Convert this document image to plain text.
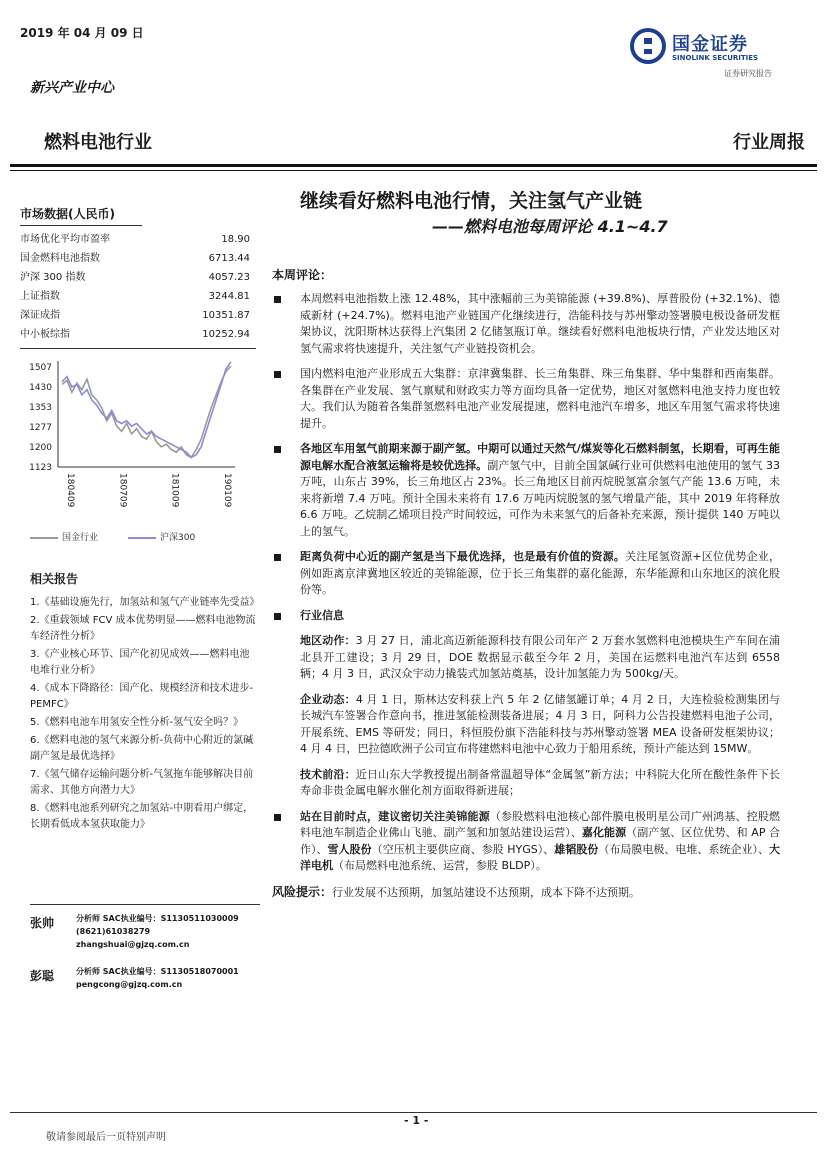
2019 年 04 月 09 日
新兴产业中心
国金证券
SINOLINK SECURITIES
证券研究报告
燃料电池行业	行业周报
继续看好燃料电池行情，关注氢气产业链
——燃料电池每周评论 4.1~4.7
市场数据(人民币)
市场优化平均市盈率	18.90
国金燃料电池指数	6713.44
沪深 300 指数	4057.23
上证指数	3244.81
深证成指	10351.87
中小板综指	10252.94
1123
1200
1277
1353
1430
1507
180409	180709	181009	190109
国金行业	沪深300
相关报告
1.《基础设施先行，加氢站和氢气产业链率先受益》
2.《重载领域 FCV 成本优势明显——燃料电池物流车经济性分析》
3.《产业核心环节、国产化初见成效——燃料电池电堆行业分析》
4.《成本下降路径：国产化、规模经济和技术进步-PEMFC》
5.《燃料电池车用氢安全性分析-氢气安全吗？》
6.《燃料电池的氢气来源分析-负荷中心附近的氯碱副产氢是最优选择》
7.《氢气储存运输问题分析-气氢拖车能够解决目前需求、其他方向潜力大》
8.《燃料电池系列研究之加氢站-中期看用户绑定，长期看低成本氢获取能力》
张帅	分析师 SAC执业编号：S1130511030009
(8621)61038279
zhangshuai@gjzq.com.cn
彭聪	分析师 SAC执业编号：S1130518070001
pengcong@gjzq.com.cn
本周评论：
本周燃料电池指数上涨 12.48%，其中涨幅前三为美锦能源 (+39.8%)、厚普股份 (+32.1%)、德威新材 (+24.7%)。燃料电池产业链国产化继续进行，浩能科技与苏州擎动签署膜电极设备研发框架协议，沈阳斯林达获得上汽集团 2 亿储氢瓶订单。继续看好燃料电池板块行情，产业发达地区对氢气需求将快速提升，关注氢气产业链投资机会。
国内燃料电池产业形成五大集群：京津冀集群、长三角集群、珠三角集群、华中集群和西南集群。各集群在产业发展、氢气禀赋和财政实力等方面均具备一定优势，地区对氢燃料电池支持力度也较大。我们认为随着各集群氢燃料电池产业发展提速，燃料电池汽车增多，地区车用氢气需求将快速提升。
各地区车用氢气前期来源于副产氢。中期可以通过天然气/煤炭等化石燃料制氢，长期看，可再生能源电解水配合液氢运输将是较优选择。副产氢气中，目前全国氯碱行业可供燃料电池使用的氢气 33 万吨，山东占 39%，长三角地区占 23%。长三角地区目前丙烷脱氢富余氢气产能 13.6 万吨，未来将新增 7.4 万吨。预计全国未来将有 17.6 万吨丙烷脱氢的氢气增量产能，其中 2019 年将释放 6.6 万吨。乙烷制乙烯项目投产时间较远，可作为未来氢气的后备补充来源，预计提供 140 万吨以上的氢气。
距离负荷中心近的副产氢是当下最优选择，也是最有价值的资源。关注尾氢资源+区位优势企业，例如距离京津冀地区较近的美锦能源，位于长三角集群的嘉化能源，东华能源和山东地区的滨化股份等。
行业信息
地区动作：3 月 27 日，浦北高迈新能源科技有限公司年产 2 万套水氢燃料电池模块生产车间在浦北县开工建设；3 月 29 日，DOE 数据显示截至今年 2 月，美国在运燃料电池汽车达到 6558 辆；4 月 3 日，武汉众宇动力撬装式加氢站奠基，设计加氢能力为 500kg/天。
企业动态：4 月 1 日，斯林达安科获上汽 5 年 2 亿储氢罐订单；4 月 2 日，大连检验检测集团与长城汽车签署合作意向书，推进氢能检测装备进展；4 月 3 日，阿科力公告投建燃料电池子公司，开展系统、EMS 等研发；同日，科恒股份旗下浩能科技与苏州擎动签署 MEA 设备研发框架协议；4 月 4 日，巴拉德欧洲子公司宣布将建燃料电池中心致力于船用系统，预计产能达到 15MW。
技术前沿：近日山东大学教授提出制备常温超导体“金属氢”新方法；中科院大化所在酸性条件下长寿命非贵金属电解水催化剂方面取得新进展；
站在目前时点，建议密切关注美锦能源（参股燃料电池核心部件膜电极明星公司广州鸿基、控股燃料电池车制造企业佛山飞驰、副产氢和加氢站建设运营）、嘉化能源（副产氢、区位优势、和 AP 合作）、雪人股份（空压机主要供应商、参股 HYGS）、雄韬股份（布局膜电极、电堆、系统企业）、大洋电机（布局燃料电池系统、运营，参股 BLDP）。
风险提示：行业发展不达预期，加氢站建设不达预期，成本下降不达预期。
- 1 -
敬请参阅最后一页特别声明
